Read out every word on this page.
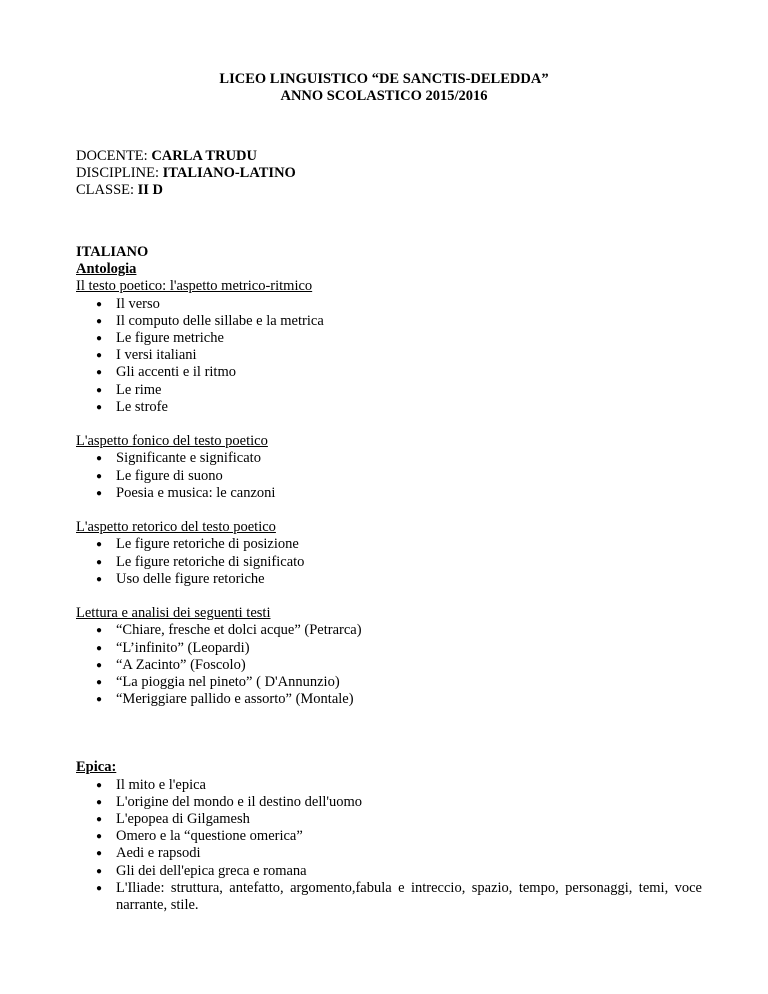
LICEO LINGUISTICO “DE SANCTIS-DELEDDA”
ANNO SCOLASTICO 2015/2016
DOCENTE: CARLA TRUDU
DISCIPLINE: ITALIANO-LATINO
CLASSE: II D
ITALIANO
Antologia
Il testo poetico: l'aspetto metrico-ritmico
● Il verso
● Il computo delle sillabe e la metrica
● Le figure metriche
● I versi italiani
● Gli accenti e il ritmo
● Le rime
● Le strofe
L'aspetto fonico del testo poetico
● Significante e significato
● Le figure di suono
● Poesia e musica: le canzoni
L'aspetto retorico del testo poetico
● Le figure retoriche di posizione
● Le figure retoriche di significato
● Uso delle figure retoriche
Lettura e analisi dei seguenti testi
● “Chiare, fresche et dolci acque” (Petrarca)
● “L’infinito” (Leopardi)
● “A Zacinto” (Foscolo)
● “La pioggia nel pineto” ( D'Annunzio)
● “Meriggiare pallido e assorto” (Montale)
Epica:
● Il mito e l'epica
● L'origine del mondo e il destino dell'uomo
● L'epopea di Gilgamesh
● Omero e la “questione omerica”
● Aedi e rapsodi
● Gli dei dell'epica greca e romana
● L'Iliade: struttura, antefatto, argomento,fabula e intreccio, spazio, tempo, personaggi, temi, voce narrante, stile.
